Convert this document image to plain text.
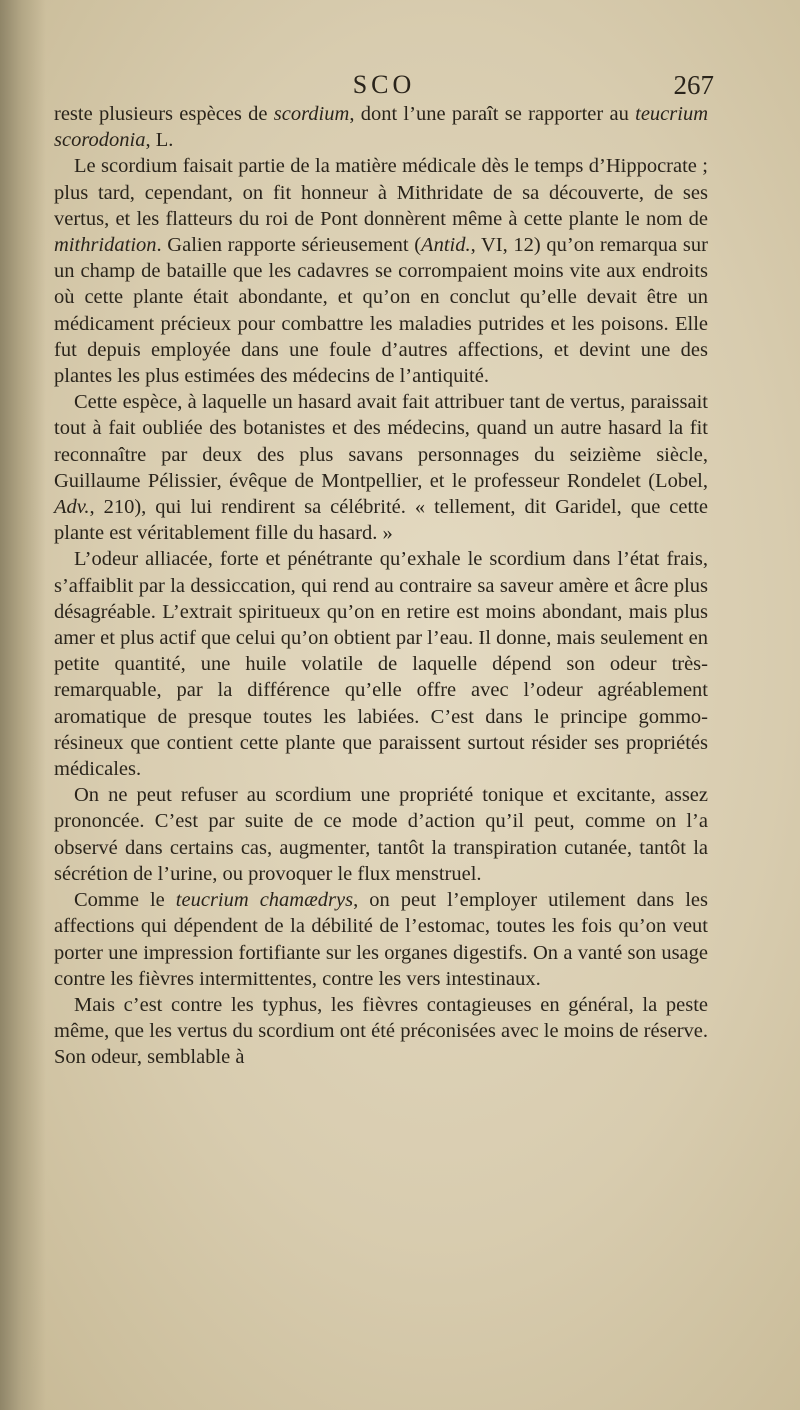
SCO	267

reste plusieurs espèces de scordium, dont l’une paraît se rapporter au teucrium scorodonia, L.

Le scordium faisait partie de la matière médicale dès le temps d’Hippocrate ; plus tard, cependant, on fit honneur à Mithridate de sa découverte, de ses vertus, et les flatteurs du roi de Pont donnèrent même à cette plante le nom de mithridation. Galien rapporte sérieusement (Antid., VI, 12) qu’on remarqua sur un champ de bataille que les cadavres se corrompaient moins vite aux endroits où cette plante était abondante, et qu’on en conclut qu’elle devait être un médicament précieux pour combattre les maladies putrides et les poisons. Elle fut depuis employée dans une foule d’autres affections, et devint une des plantes les plus estimées des médecins de l’antiquité.

Cette espèce, à laquelle un hasard avait fait attribuer tant de vertus, paraissait tout à fait oubliée des botanistes et des médecins, quand un autre hasard la fit reconnaître par deux des plus savans personnages du seizième siècle, Guillaume Pélissier, évêque de Montpellier, et le professeur Rondelet (Lobel, Adv., 210), qui lui rendirent sa célébrité. « tellement, dit Garidel, que cette plante est véritablement fille du hasard. »

L’odeur alliacée, forte et pénétrante qu’exhale le scordium dans l’état frais, s’affaiblit par la dessiccation, qui rend au contraire sa saveur amère et âcre plus désagréable. L’extrait spiritueux qu’on en retire est moins abondant, mais plus amer et plus actif que celui qu’on obtient par l’eau. Il donne, mais seulement en petite quantité, une huile volatile de laquelle dépend son odeur très-remarquable, par la différence qu’elle offre avec l’odeur agréablement aromatique de presque toutes les labiées. C’est dans le principe gommo-résineux que contient cette plante que paraissent surtout résider ses propriétés médicales.

On ne peut refuser au scordium une propriété tonique et excitante, assez prononcée. C’est par suite de ce mode d’action qu’il peut, comme on l’a observé dans certains cas, augmenter, tantôt la transpiration cutanée, tantôt la sécrétion de l’urine, ou provoquer le flux menstruel.

Comme le teucrium chamædrys, on peut l’employer utilement dans les affections qui dépendent de la débilité de l’estomac, toutes les fois qu’on veut porter une impression fortifiante sur les organes digestifs. On a vanté son usage contre les fièvres intermittentes, contre les vers intestinaux.

Mais c’est contre les typhus, les fièvres contagieuses en général, la peste même, que les vertus du scordium ont été préconisées avec le moins de réserve. Son odeur, semblable à
